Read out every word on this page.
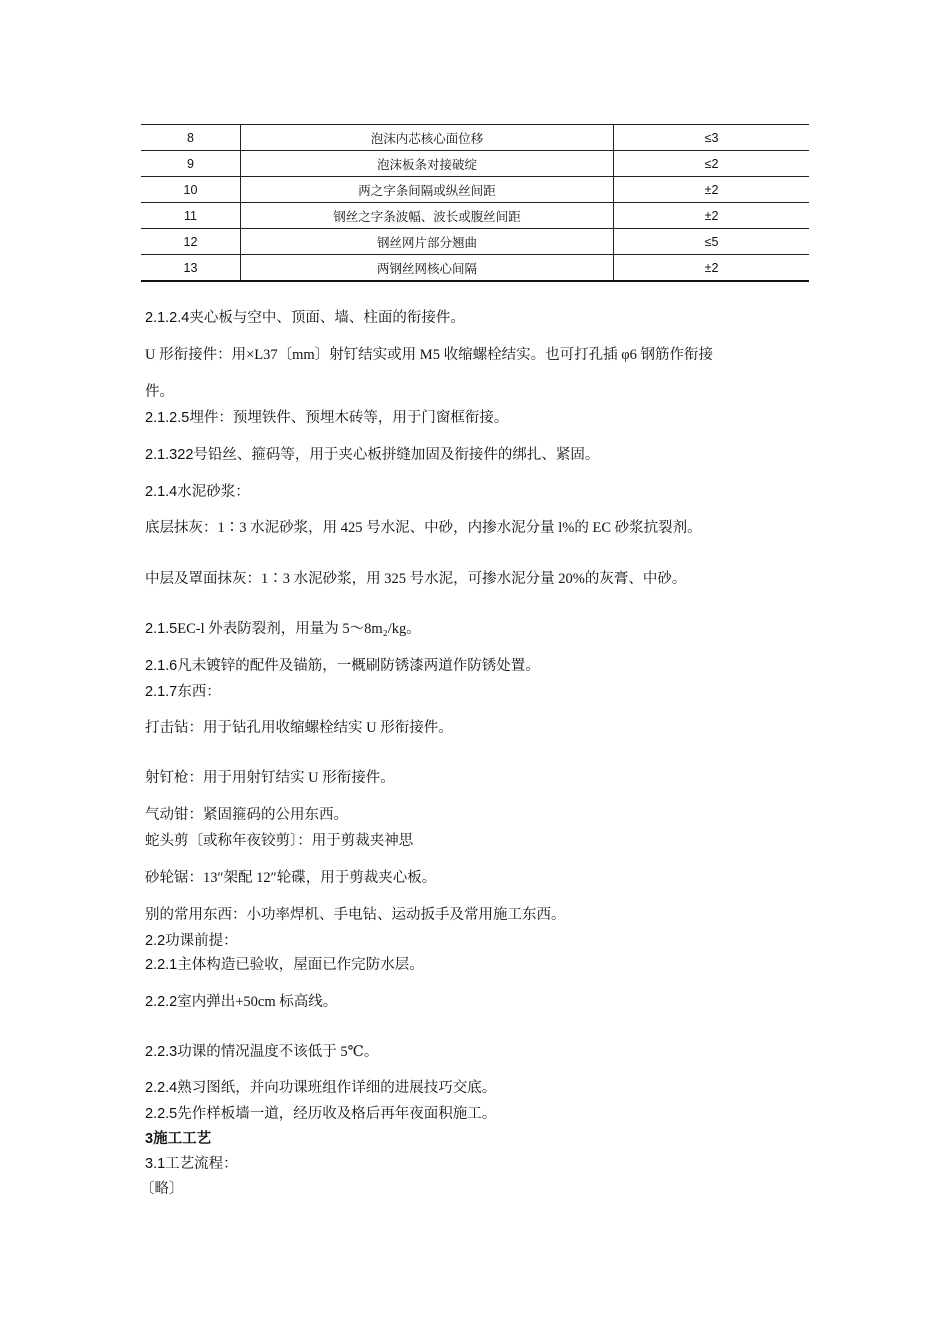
8	泡沫内芯核心面位移	≤3
9	泡沫板条对接破绽	≤2
10	两之字条间隔或纵丝间距	±2
11	钢丝之字条波幅、波长或腹丝间距	±2
12	钢丝网片部分翘曲	≤5
13	两钢丝网核心间隔	±2
2.1.2.4夹心板与空中、顶面、墙、柱面的衔接件。
U 形衔接件：用×L37〔mm〕射钉结实或用 M5 收缩螺栓结实。也可打孔插 φ6 钢筋作衔接
件。
2.1.2.5埋件：预埋铁件、预埋木砖等，用于门窗框衔接。
2.1.322号铅丝、箍码等，用于夹心板拼缝加固及衔接件的绑扎、紧固。
2.1.4水泥砂浆：
底层抹灰：1∶3 水泥砂浆，用 425 号水泥、中砂，内掺水泥分量 l%的 EC 砂浆抗裂剂。
中层及罩面抹灰：1∶3 水泥砂浆，用 325 号水泥，可掺水泥分量 20%的灰膏、中砂。
2.1.5EC-l 外表防裂剂，用量为 5～8m₂/kg。
2.1.6凡未镀锌的配件及锚筋，一概刷防锈漆两道作防锈处置。
2.1.7东西：
打击钻：用于钻孔用收缩螺栓结实 U 形衔接件。
射钉枪：用于用射钉结实 U 形衔接件。
气动钳：紧固箍码的公用东西。
蛇头剪〔或称年夜铰剪〕：用于剪裁夹神思
砂轮锯：13″架配 12″轮碟，用于剪裁夹心板。
别的常用东西：小功率焊机、手电钻、运动扳手及常用施工东西。
2.2功课前提：
2.2.1主体构造已验收，屋面已作完防水层。
2.2.2室内弹出+50cm 标高线。
2.2.3功课的情况温度不该低于 5℃。
2.2.4熟习图纸，并向功课班组作详细的进展技巧交底。
2.2.5先作样板墙一道，经历收及格后再年夜面积施工。
3施工工艺
3.1工艺流程：
〔略〕
